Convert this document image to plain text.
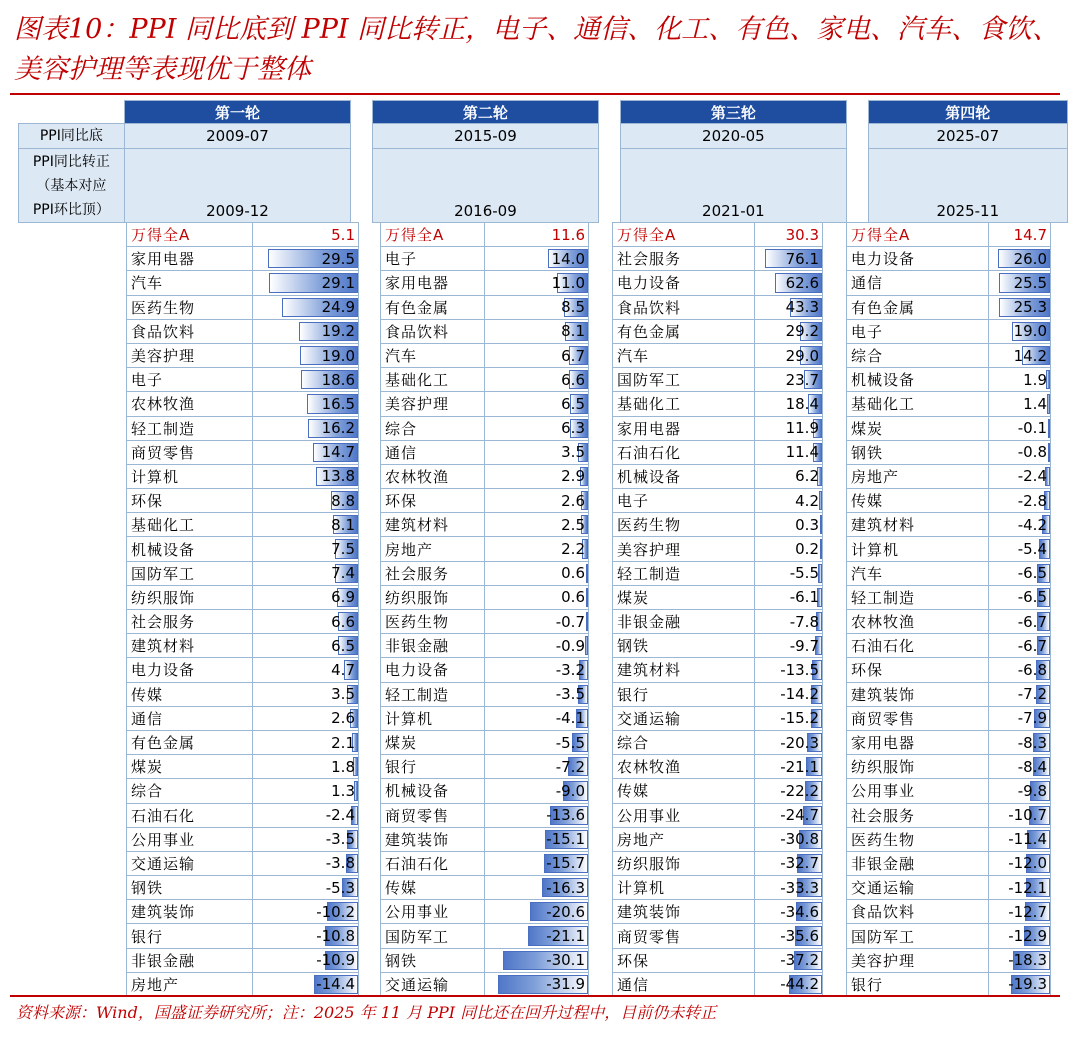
图表10：PPI 同比底到 PPI 同比转正，电子、通信、化工、有色、家电、汽车、食饮、美容护理等表现优于整体
	第一轮		第二轮		第三轮		第四轮
PPI同比底	2009-07		2015-09		2020-05		2025-07

PPI同比转正
（基本对应
PPI环比顶）	2009-12		2016-09		2021-01		2025-11
万得全A	5.1
家用电器	29.5
汽车	29.1
医药生物	24.9
食品饮料	19.2
美容护理	19.0
电子	18.6
农林牧渔	16.5
轻工制造	16.2
商贸零售	14.7
计算机	13.8
环保	8.8
基础化工	8.1
机械设备	7.5
国防军工	7.4
纺织服饰	6.9
社会服务	6.6
建筑材料	6.5
电力设备	4.7
传媒	3.5
通信	2.6
有色金属	2.1
煤炭	1.8
综合	1.3
石油石化	-2.4
公用事业	-3.5
交通运输	-3.8
钢铁	-5.3
建筑装饰	-10.2
银行	-10.8
非银金融	-10.9
房地产	-14.4
万得全A	11.6
电子	14.0
家用电器	11.0
有色金属	8.5
食品饮料	8.1
汽车	6.7
基础化工	6.6
美容护理	6.5
综合	6.3
通信	3.5
农林牧渔	2.9
环保	2.6
建筑材料	2.5
房地产	2.2
社会服务	0.6
纺织服饰	0.6
医药生物	-0.7
非银金融	-0.9
电力设备	-3.2
轻工制造	-3.5
计算机	-4.1
煤炭	-5.5
银行	-7.2
机械设备	-9.0
商贸零售	-13.6
建筑装饰	-15.1
石油石化	-15.7
传媒	-16.3
公用事业	-20.6
国防军工	-21.1
钢铁	-30.1
交通运输	-31.9
万得全A	30.3
社会服务	76.1
电力设备	62.6
食品饮料	43.3
有色金属	29.2
汽车	29.0
国防军工	23.7
基础化工	18.4
家用电器	11.9
石油石化	11.4
机械设备	6.2
电子	4.2
医药生物	0.3
美容护理	0.2
轻工制造	-5.5
煤炭	-6.1
非银金融	-7.8
钢铁	-9.7
建筑材料	-13.5
银行	-14.2
交通运输	-15.2
综合	-20.3
农林牧渔	-21.1
传媒	-22.2
公用事业	-24.7
房地产	-30.8
纺织服饰	-32.7
计算机	-33.3
建筑装饰	-34.6
商贸零售	-35.6
环保	-37.2
通信	-44.2
万得全A	14.7
电力设备	26.0
通信	25.5
有色金属	25.3
电子	19.0
综合	14.2
机械设备	1.9
基础化工	1.4
煤炭	-0.1
钢铁	-0.8
房地产	-2.4
传媒	-2.8
建筑材料	-4.2
计算机	-5.4
汽车	-6.5
轻工制造	-6.5
农林牧渔	-6.7
石油石化	-6.7
环保	-6.8
建筑装饰	-7.2
商贸零售	-7.9
家用电器	-8.3
纺织服饰	-8.4
公用事业	-9.8
社会服务	-10.7
医药生物	-11.4
非银金融	-12.0
交通运输	-12.1
食品饮料	-12.7
国防军工	-12.9
美容护理	-18.3
银行	-19.3
资料来源：Wind，国盛证券研究所；注：2025 年 11 月 PPI 同比还在回升过程中，目前仍未转正
